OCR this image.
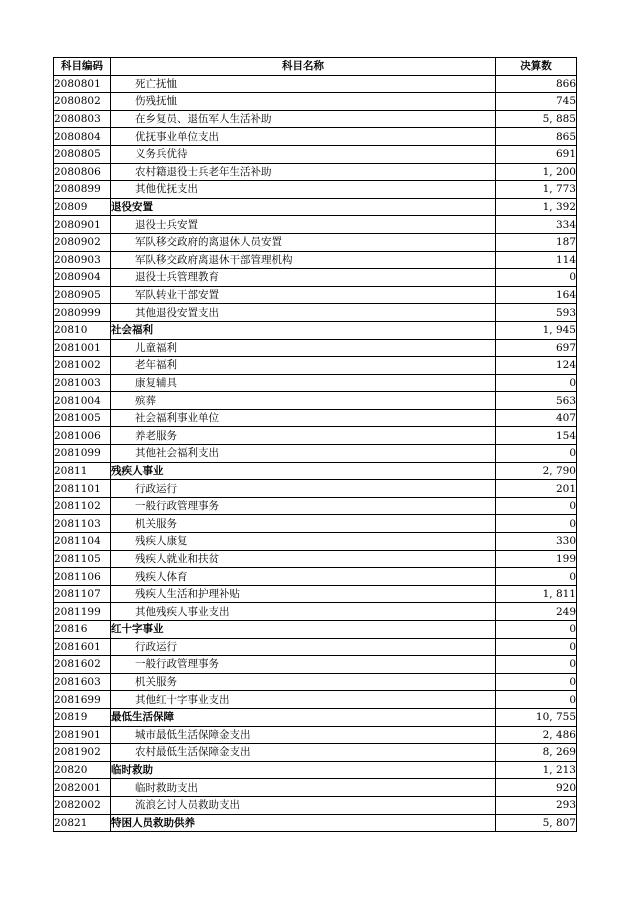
科目编码	科目名称	决算数
2080801	死亡抚恤	866
2080802	伤残抚恤	745
2080803	在乡复员、退伍军人生活补助	5, 885
2080804	优抚事业单位支出	865
2080805	义务兵优待	691
2080806	农村籍退役士兵老年生活补助	1, 200
2080899	其他优抚支出	1, 773
20809	退役安置	1, 392
2080901	退役士兵安置	334
2080902	军队移交政府的离退休人员安置	187
2080903	军队移交政府离退休干部管理机构	114
2080904	退役士兵管理教育	0
2080905	军队转业干部安置	164
2080999	其他退役安置支出	593
20810	社会福利	1, 945
2081001	儿童福利	697
2081002	老年福利	124
2081003	康复辅具	0
2081004	殡葬	563
2081005	社会福利事业单位	407
2081006	养老服务	154
2081099	其他社会福利支出	0
20811	残疾人事业	2, 790
2081101	行政运行	201
2081102	一般行政管理事务	0
2081103	机关服务	0
2081104	残疾人康复	330
2081105	残疾人就业和扶贫	199
2081106	残疾人体育	0
2081107	残疾人生活和护理补贴	1, 811
2081199	其他残疾人事业支出	249
20816	红十字事业	0
2081601	行政运行	0
2081602	一般行政管理事务	0
2081603	机关服务	0
2081699	其他红十字事业支出	0
20819	最低生活保障	10, 755
2081901	城市最低生活保障金支出	2, 486
2081902	农村最低生活保障金支出	8, 269
20820	临时救助	1, 213
2082001	临时救助支出	920
2082002	流浪乞讨人员救助支出	293
20821	特困人员救助供养	5, 807
